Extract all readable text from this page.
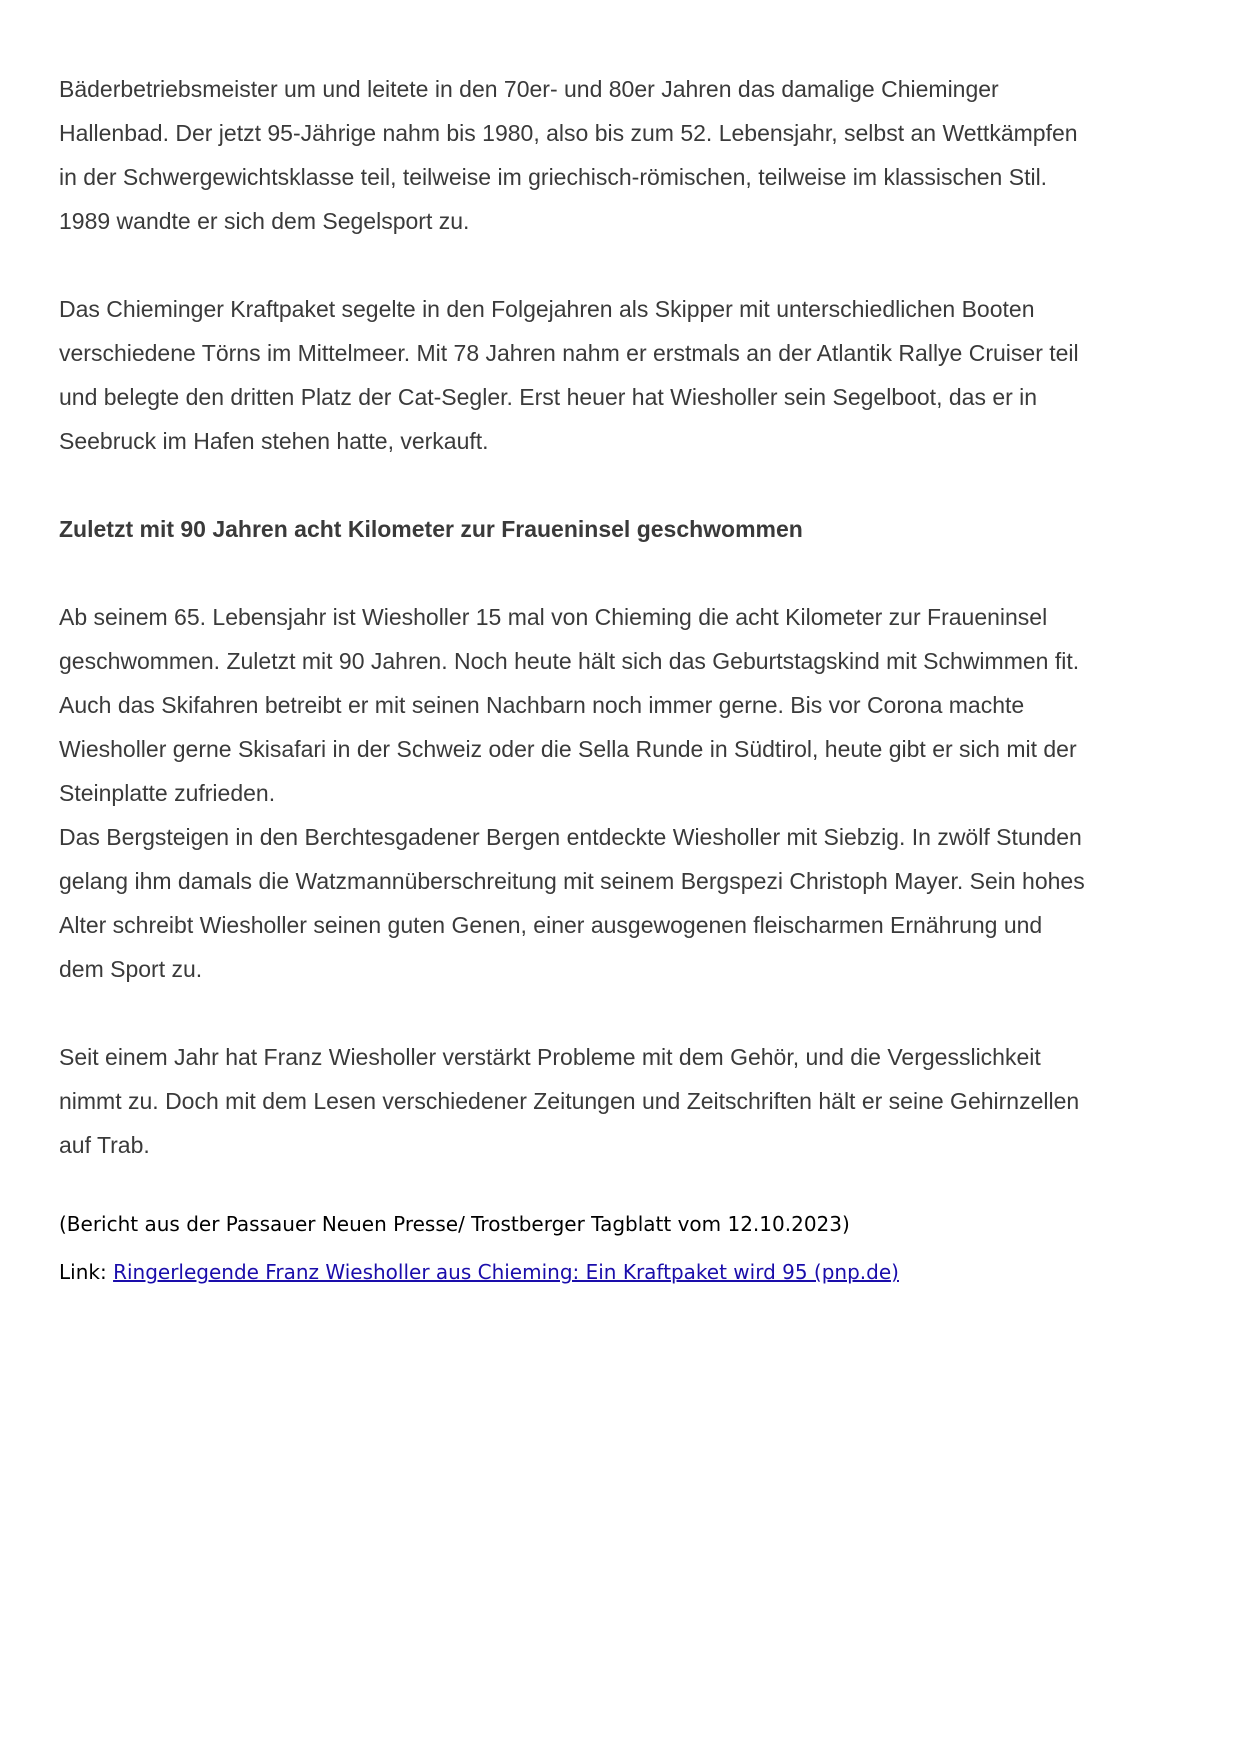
Bäderbetriebsmeister um und leitete in den 70er- und 80er Jahren das damalige Chieminger
Hallenbad. Der jetzt 95-Jährige nahm bis 1980, also bis zum 52. Lebensjahr, selbst an Wettkämpfen
in der Schwergewichtsklasse teil, teilweise im griechisch-römischen, teilweise im klassischen Stil.
1989 wandte er sich dem Segelsport zu.

Das Chieminger Kraftpaket segelte in den Folgejahren als Skipper mit unterschiedlichen Booten
verschiedene Törns im Mittelmeer. Mit 78 Jahren nahm er erstmals an der Atlantik Rallye Cruiser teil
und belegte den dritten Platz der Cat-Segler. Erst heuer hat Wiesholler sein Segelboot, das er in
Seebruck im Hafen stehen hatte, verkauft.

Zuletzt mit 90 Jahren acht Kilometer zur Fraueninsel geschwommen

Ab seinem 65. Lebensjahr ist Wiesholler 15 mal von Chieming die acht Kilometer zur Fraueninsel
geschwommen. Zuletzt mit 90 Jahren. Noch heute hält sich das Geburtstagskind mit Schwimmen fit.
Auch das Skifahren betreibt er mit seinen Nachbarn noch immer gerne. Bis vor Corona machte
Wiesholler gerne Skisafari in der Schweiz oder die Sella Runde in Südtirol, heute gibt er sich mit der
Steinplatte zufrieden.

Das Bergsteigen in den Berchtesgadener Bergen entdeckte Wiesholler mit Siebzig. In zwölf Stunden
gelang ihm damals die Watzmannüberschreitung mit seinem Bergspezi Christoph Mayer. Sein hohes
Alter schreibt Wiesholler seinen guten Genen, einer ausgewogenen fleischarmen Ernährung und
dem Sport zu.

Seit einem Jahr hat Franz Wiesholler verstärkt Probleme mit dem Gehör, und die Vergesslichkeit
nimmt zu. Doch mit dem Lesen verschiedener Zeitungen und Zeitschriften hält er seine Gehirnzellen
auf Trab.

(Bericht aus der Passauer Neuen Presse/ Trostberger Tagblatt vom 12.10.2023)

Link: Ringerlegende Franz Wiesholler aus Chieming: Ein Kraftpaket wird 95 (pnp.de)
